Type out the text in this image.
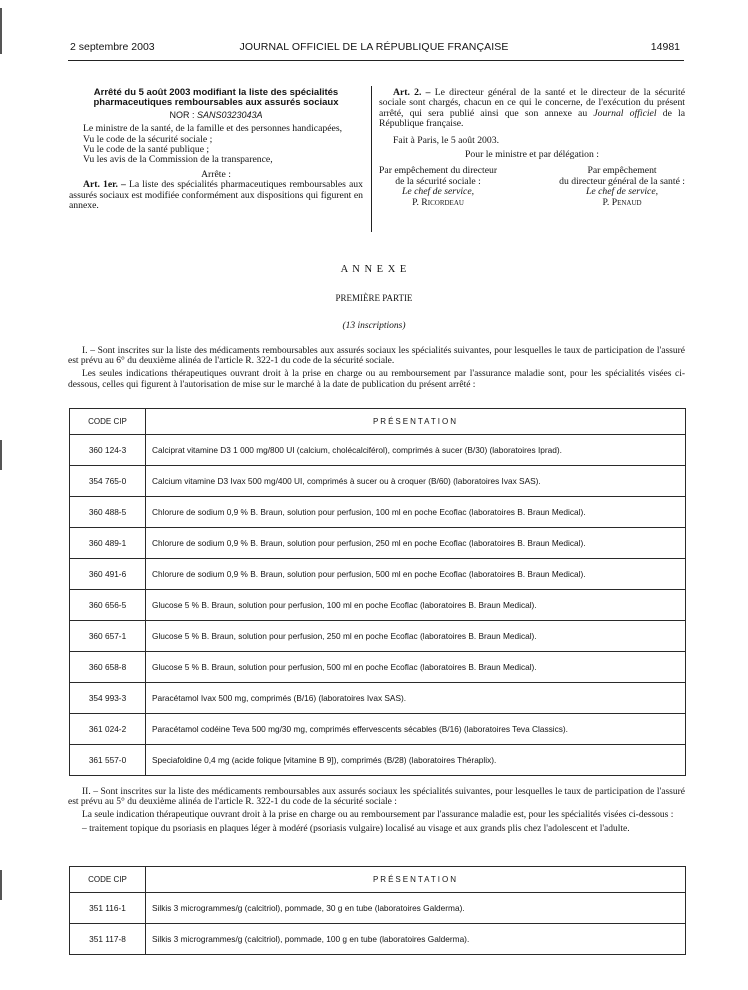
2 septembre 2003	JOURNAL OFFICIEL DE LA RÉPUBLIQUE FRANÇAISE	14981
Arrêté du 5 août 2003 modifiant la liste des spécialités
pharmaceutiques remboursables aux assurés sociaux
NOR : SANS0323043A

Le ministre de la santé, de la famille et des personnes handicapées,

Vu le code de la sécurité sociale ;

Vu le code de la santé publique ;

Vu les avis de la Commission de la transparence,

Arrête :

Art. 1er. – La liste des spécialités pharmaceutiques remboursables aux assurés sociaux est modifiée conformément aux dispositions qui figurent en annexe.

Art. 2. – Le directeur général de la santé et le directeur de la sécurité sociale sont chargés, chacun en ce qui le concerne, de l'exécution du présent arrêté, qui sera publié ainsi que son annexe au Journal officiel de la République française.

Fait à Paris, le 5 août 2003.

Pour le ministre et par délégation :

Par empêchement du directeur
de la sécurité sociale :
Le chef de service,
P. Ricordeau
Par empêchement
du directeur général de la santé :
Le chef de service,
P. Penaud
A N N E X E
PREMIÈRE PARTIE
(13 inscriptions)

I. – Sont inscrites sur la liste des médicaments remboursables aux assurés sociaux les spécialités suivantes, pour lesquelles le taux de participation de l'assuré est prévu au 6° du deuxième alinéa de l'article R. 322-1 du code de la sécurité sociale.

Les seules indications thérapeutiques ouvrant droit à la prise en charge ou au remboursement par l'assurance maladie sont, pour les spécialités visées ci-dessous, celles qui figurent à l'autorisation de mise sur le marché à la date de publication du présent arrêté :

CODE CIP	PRÉSENTATION
360 124-3	Calciprat vitamine D3 1 000 mg/800 UI (calcium, cholécalciférol), comprimés à sucer (B/30) (laboratoires Iprad).
354 765-0	Calcium vitamine D3 Ivax 500 mg/400 UI, comprimés à sucer ou à croquer (B/60) (laboratoires Ivax SAS).
360 488-5	Chlorure de sodium 0,9 % B. Braun, solution pour perfusion, 100 ml en poche Ecoflac (laboratoires B. Braun Medical).
360 489-1	Chlorure de sodium 0,9 % B. Braun, solution pour perfusion, 250 ml en poche Ecoflac (laboratoires B. Braun Medical).
360 491-6	Chlorure de sodium 0,9 % B. Braun, solution pour perfusion, 500 ml en poche Ecoflac (laboratoires B. Braun Medical).
360 656-5	Glucose 5 % B. Braun, solution pour perfusion, 100 ml en poche Ecoflac (laboratoires B. Braun Medical).
360 657-1	Glucose 5 % B. Braun, solution pour perfusion, 250 ml en poche Ecoflac (laboratoires B. Braun Medical).
360 658-8	Glucose 5 % B. Braun, solution pour perfusion, 500 ml en poche Ecoflac (laboratoires B. Braun Medical).
354 993-3	Paracétamol Ivax 500 mg, comprimés (B/16) (laboratoires Ivax SAS).
361 024-2	Paracétamol codéine Teva 500 mg/30 mg, comprimés effervescents sécables (B/16) (laboratoires Teva Classics).
361 557-0	Speciafoldine 0,4 mg (acide folique [vitamine B 9]), comprimés (B/28) (laboratoires Théraplix).

II. – Sont inscrites sur la liste des médicaments remboursables aux assurés sociaux les spécialités suivantes, pour lesquelles le taux de participation de l'assuré est prévu au 5° du deuxième alinéa de l'article R. 322-1 du code de la sécurité sociale :

La seule indication thérapeutique ouvrant droit à la prise en charge ou au remboursement par l'assurance maladie est, pour les spécialités visées ci-dessous :

– traitement topique du psoriasis en plaques léger à modéré (psoriasis vulgaire) localisé au visage et aux grands plis chez l'adolescent et l'adulte.

CODE CIP	PRÉSENTATION
351 116-1	Silkis 3 microgrammes/g (calcitriol), pommade, 30 g en tube (laboratoires Galderma).
351 117-8	Silkis 3 microgrammes/g (calcitriol), pommade, 100 g en tube (laboratoires Galderma).
